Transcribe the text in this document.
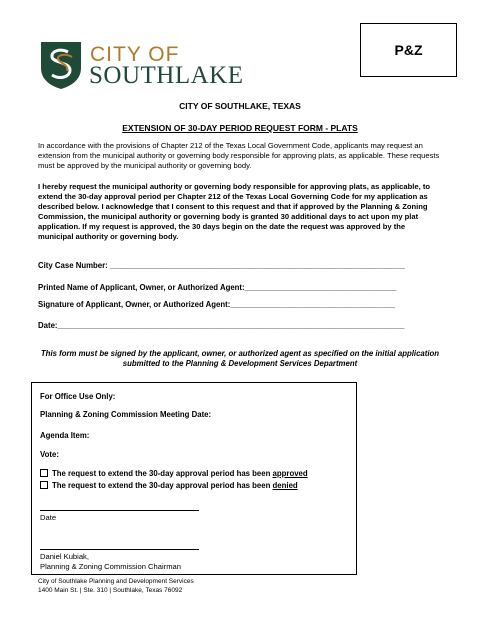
CITY OF
SOUTHLAKE
P&Z
CITY OF SOUTHLAKE, TEXAS
EXTENSION OF 30-DAY PERIOD REQUEST FORM - PLATS
In accordance with the provisions of Chapter 212 of the Texas Local Government Code, applicants may request an extension from the municipal authority or governing body responsible for approving plats, as applicable. These requests must be approved by the municipal authority or governing body.
I hereby request the municipal authority or governing body responsible for approving plats, as applicable, to extend the 30-day approval period per Chapter 212 of the Texas Local Governing Code for my application as described below. I acknowledge that I consent to this request and that if approved by the Planning & Zoning Commission, the municipal authority or governing body is granted 30 additional days to act upon my plat application. If my request is approved, the 30 days begin on the date the request was approved by the municipal authority or governing body.
City Case Number: ____________________________________________________________________
Printed Name of Applicant, Owner, or Authorized Agent:___________________________________
Signature of Applicant, Owner, or Authorized Agent:______________________________________
Date:________________________________________________________________________________
This form must be signed by the applicant, owner, or authorized agent as specified on the initial application submitted to the Planning & Development Services Department
For Office Use Only:
Planning & Zoning Commission Meeting Date:
Agenda Item:
Vote:
The request to extend the 30-day approval period has been approved
The request to extend the 30-day approval period has been denied
Date
Daniel Kubiak,
Planning & Zoning Commission Chairman
City of Southlake Planning and Development Services
1400 Main St. | Ste. 310 | Southlake, Texas 76092
